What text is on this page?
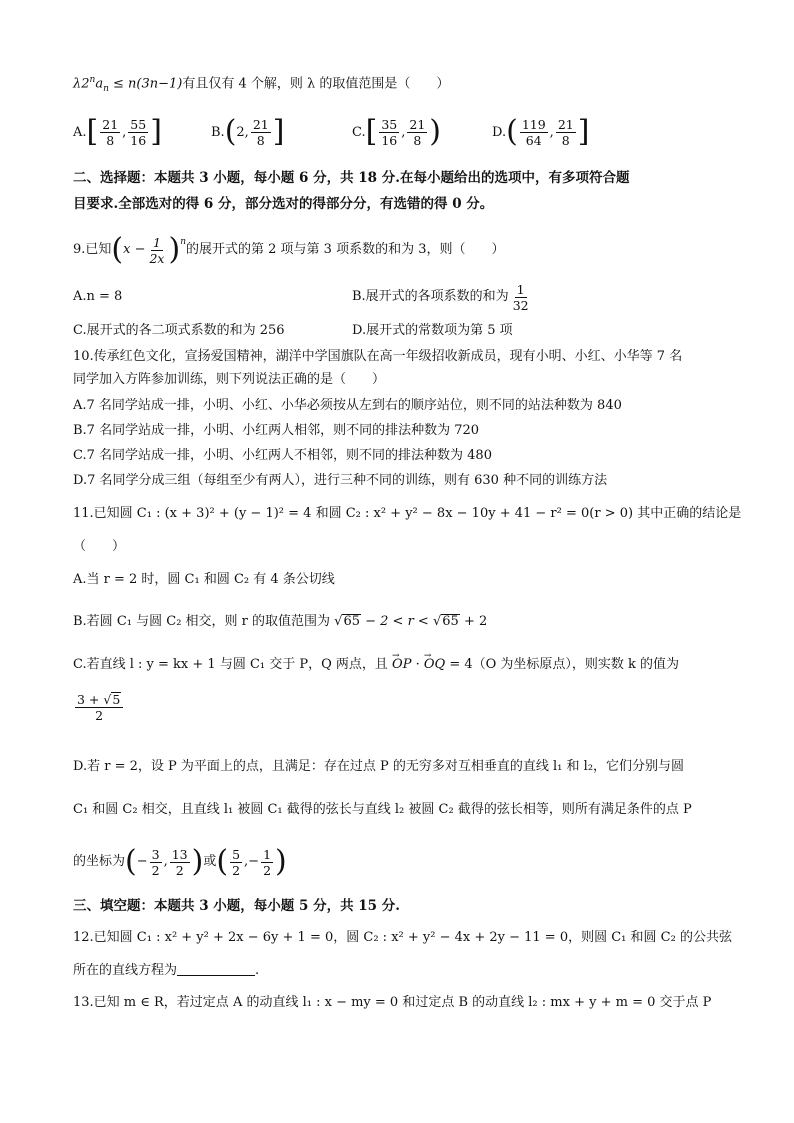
$\lambda 2^na_n \le n(3n-1)$有且仅有 4 个解，则 λ 的取值范围是（　　）
A. [ $\frac{21}{8}$ , $\frac{55}{16}$ ]	B. ( 2, $\frac{21}{8}$ ]	C. [ $\frac{35}{16}$ , $\frac{21}{8}$ )	D. ( $\frac{119}{64}$ , $\frac{21}{8}$ ]
二、选择题：本题共 3 小题，每小题 6 分，共 18 分.在每小题给出的选项中，有多项符合题
目要求.全部选对的得 6 分，部分选对的得部分分，有选错的得 0 分。
9.已知 ( $x - \frac{1}{2x} )^n$ 的展开式的第 2 项与第 3 项系数的和为 3，则（　　）
A.n = 8	B.展开式的各项系数的和为 $\frac{1}{32}$
C.展开式的各二项式系数的和为 256	D.展开式的常数项为第 5 项
10.传承红色文化，宣扬爱国精神，湖洋中学国旗队在高一年级招收新成员，现有小明、小红、小华等 7 名
同学加入方阵参加训练，则下列说法正确的是（　　）
A.7 名同学站成一排，小明、小红、小华必须按从左到右的顺序站位，则不同的站法种数为 840
B.7 名同学站成一排，小明、小红两人相邻，则不同的排法种数为 720
C.7 名同学站成一排，小明、小红两人不相邻，则不同的排法种数为 480
D.7 名同学分成三组（每组至少有两人），进行三种不同的训练，则有 630 种不同的训练方法
11.已知圆 C₁ : (x + 3)² + (y − 1)² = 4 和圆 C₂ : x² + y² − 8x − 10y + 41 − r² = 0(r > 0) 其中正确的结论是
（　　）
A.当 r = 2 时，圆 C₁ 和圆 C₂ 有 4 条公切线
B.若圆 C₁ 与圆 C₂ 相交，则 r 的取值范围为 √65 − 2 < r < √65 + 2
C.若直线 l : y = kx + 1 与圆 C₁ 交于 P，Q 两点，且 → OP · → OQ = 4（O 为坐标原点），则实数 k 的值为
$\frac{3 + √5}{2}$
D.若 r = 2，设 P 为平面上的点，且满足：存在过点 P 的无穷多对互相垂直的直线 l₁ 和 l₂，它们分别与圆
C₁ 和圆 C₂ 相交，且直线 l₁ 被圆 C₁ 截得的弦长与直线 l₂ 被圆 C₂ 截得的弦长相等，则所有满足条件的点 P
的坐标为 ( − $\frac{3}{2}$ , $\frac{13}{2}$ ) 或 ( $\frac{5}{2}$ ,− $\frac{1}{2}$ )
三、填空题：本题共 3 小题，每小题 5 分，共 15 分.
12.已知圆 C₁ : x² + y² + 2x − 6y + 1 = 0，圆 C₂ : x² + y² − 4x + 2y − 11 = 0，则圆 C₁ 和圆 C₂ 的公共弦
所在的直线方程为	.
13.已知 m ∈ R，若过定点 A 的动直线 l₁ : x − my = 0 和过定点 B 的动直线 l₂ : mx + y + m = 0 交于点 P
